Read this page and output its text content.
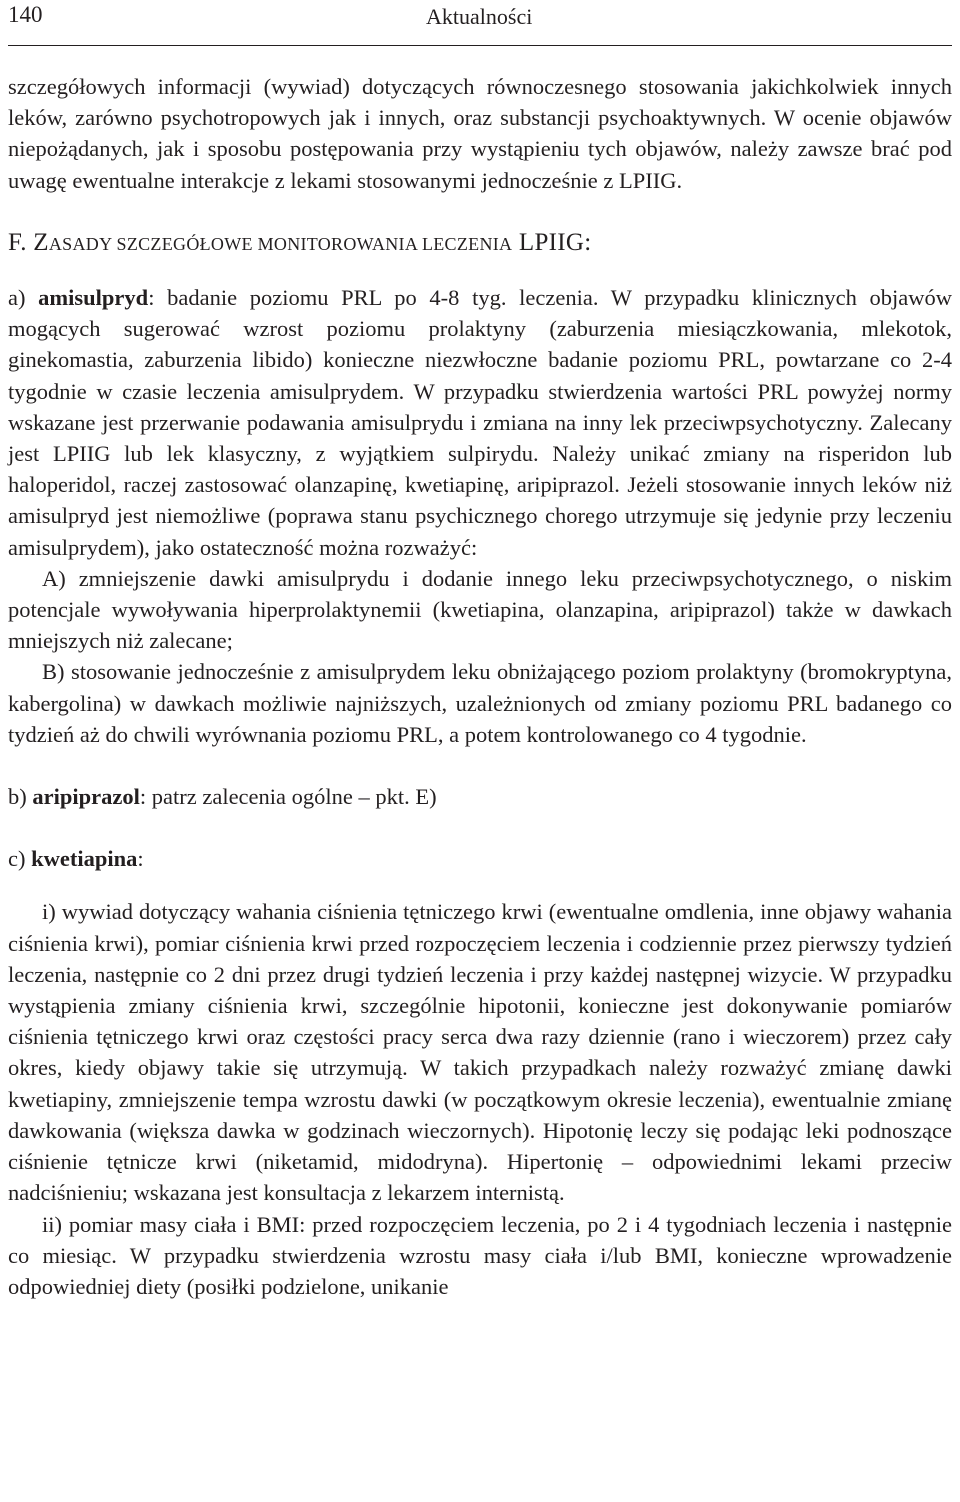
140	Aktualności

szczegółowych informacji (wywiad) dotyczących równoczesnego stosowania jakichkolwiek innych leków, zarówno psychotropowych jak i innych, oraz substancji psychoaktywnych. W ocenie objawów niepożądanych, jak i sposobu postępowania przy wystąpieniu tych objawów, należy zawsze brać pod uwagę ewentualne interakcje z lekami stosowanymi jednocześnie z LPIIG.

F. ZASADY SZCZEGÓŁOWE MONITOROWANIA LECZENIA LPIIG:

a) amisulpryd: badanie poziomu PRL po 4-8 tyg. leczenia. W przypadku klinicznych objawów mogących sugerować wzrost poziomu prolaktyny (zaburzenia miesiączkowania, mlekotok, ginekomastia, zaburzenia libido) konieczne niezwłoczne badanie poziomu PRL, powtarzane co 2-4 tygodnie w czasie leczenia amisulprydem. W przypadku stwierdzenia wartości PRL powyżej normy wskazane jest przerwanie podawania amisulprydu i zmiana na inny lek przeciwpsychotyczny. Zalecany jest LPIIG lub lek klasyczny, z wyjątkiem sulpirydu. Należy unikać zmiany na risperidon lub haloperidol, raczej zastosować olanzapinę, kwetiapinę, aripiprazol. Jeżeli stosowanie innych leków niż amisulpryd jest niemożliwe (poprawa stanu psychicznego chorego utrzymuje się jedynie przy leczeniu amisulprydem), jako ostateczność można rozważyć:

A) zmniejszenie dawki amisulprydu i dodanie innego leku przeciwpsychotycznego, o niskim potencjale wywoływania hiperprolaktynemii (kwetiapina, olanzapina, aripiprazol) także w dawkach mniejszych niż zalecane;

B) stosowanie jednocześnie z amisulprydem leku obniżającego poziom prolaktyny (bromokryptyna, kabergolina) w dawkach możliwie najniższych, uzależnionych od zmiany poziomu PRL badanego co tydzień aż do chwili wyrównania poziomu PRL, a potem kontrolowanego co 4 tygodnie.

b) aripiprazol: patrz zalecenia ogólne – pkt. E)

c) kwetiapina:

i) wywiad dotyczący wahania ciśnienia tętniczego krwi (ewentualne omdlenia, inne objawy wahania ciśnienia krwi), pomiar ciśnienia krwi przed rozpoczęciem leczenia i codziennie przez pierwszy tydzień leczenia, następnie co 2 dni przez drugi tydzień leczenia i przy każdej następnej wizycie. W przypadku wystąpienia zmiany ciśnienia krwi, szczególnie hipotonii, konieczne jest dokonywanie pomiarów ciśnienia tętniczego krwi oraz częstości pracy serca dwa razy dziennie (rano i wieczorem) przez cały okres, kiedy objawy takie się utrzymują. W takich przypadkach należy rozważyć zmianę dawki kwetiapiny, zmniejszenie tempa wzrostu dawki (w początkowym okresie leczenia), ewentualnie zmianę dawkowania (większa dawka w godzinach wieczornych). Hipotonię leczy się podając leki podnoszące ciśnienie tętnicze krwi (niketamid, midodryna). Hipertonię – odpowiednimi lekami przeciw nadciśnieniu; wskazana jest konsultacja z lekarzem internistą.

ii) pomiar masy ciała i BMI: przed rozpoczęciem leczenia, po 2 i 4 tygodniach leczenia i następnie co miesiąc. W przypadku stwierdzenia wzrostu masy ciała i/lub BMI, konieczne wprowadzenie odpowiedniej diety (posiłki podzielone, unikanie
